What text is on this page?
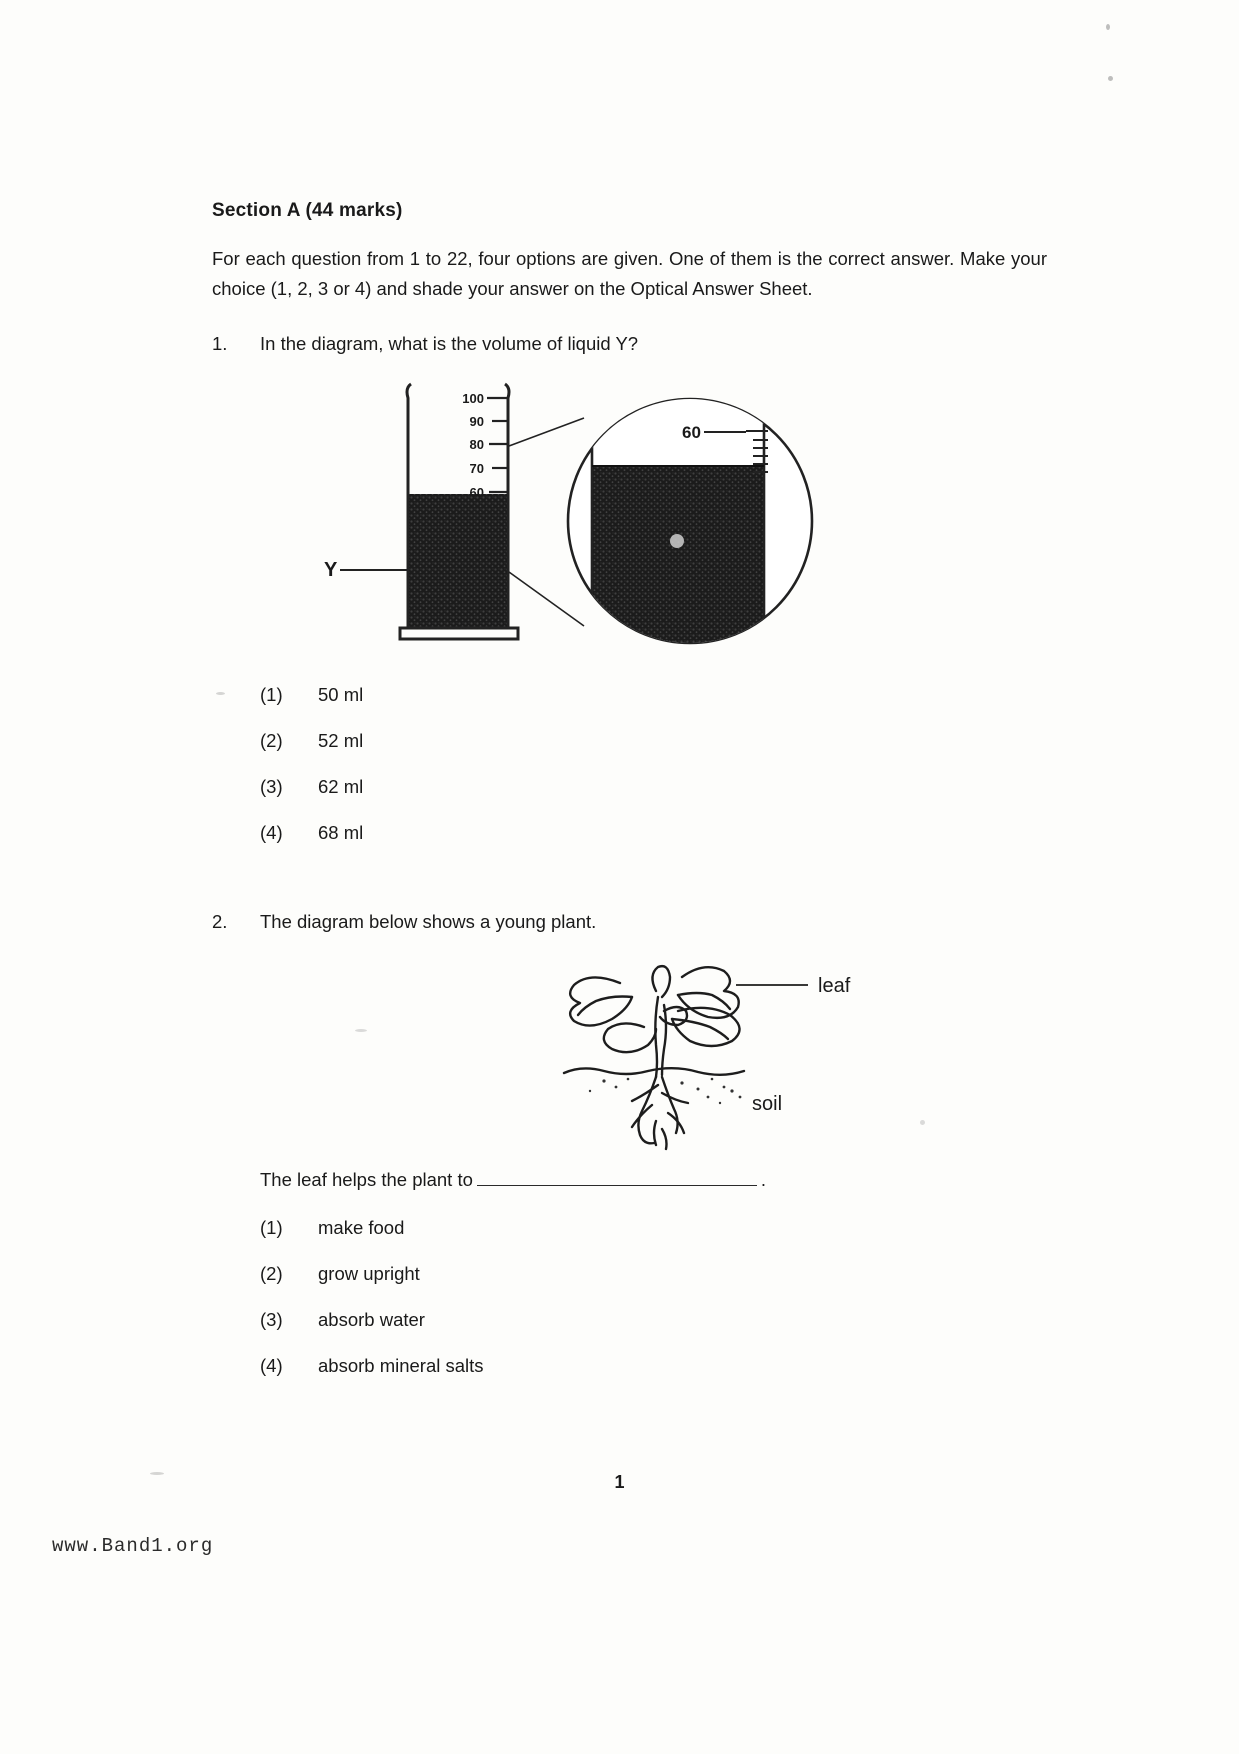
Section A (44 marks)

For each question from 1 to 22, four options are given. One of them is the correct answer. Make your choice (1, 2, 3 or 4) and shade your answer on the Optical Answer Sheet.

1.	In the diagram, what is the volume of liquid Y?
100
90
80
70
60
Y
60
(1)	50 ml
(2)	52 ml
(3)	62 ml
(4)	68 ml
2.	The diagram below shows a young plant.
leaf
soil
The leaf helps the plant to	.
(1)	make food
(2)	grow upright
(3)	absorb water
(4)	absorb mineral salts
1
www.Band1.org
